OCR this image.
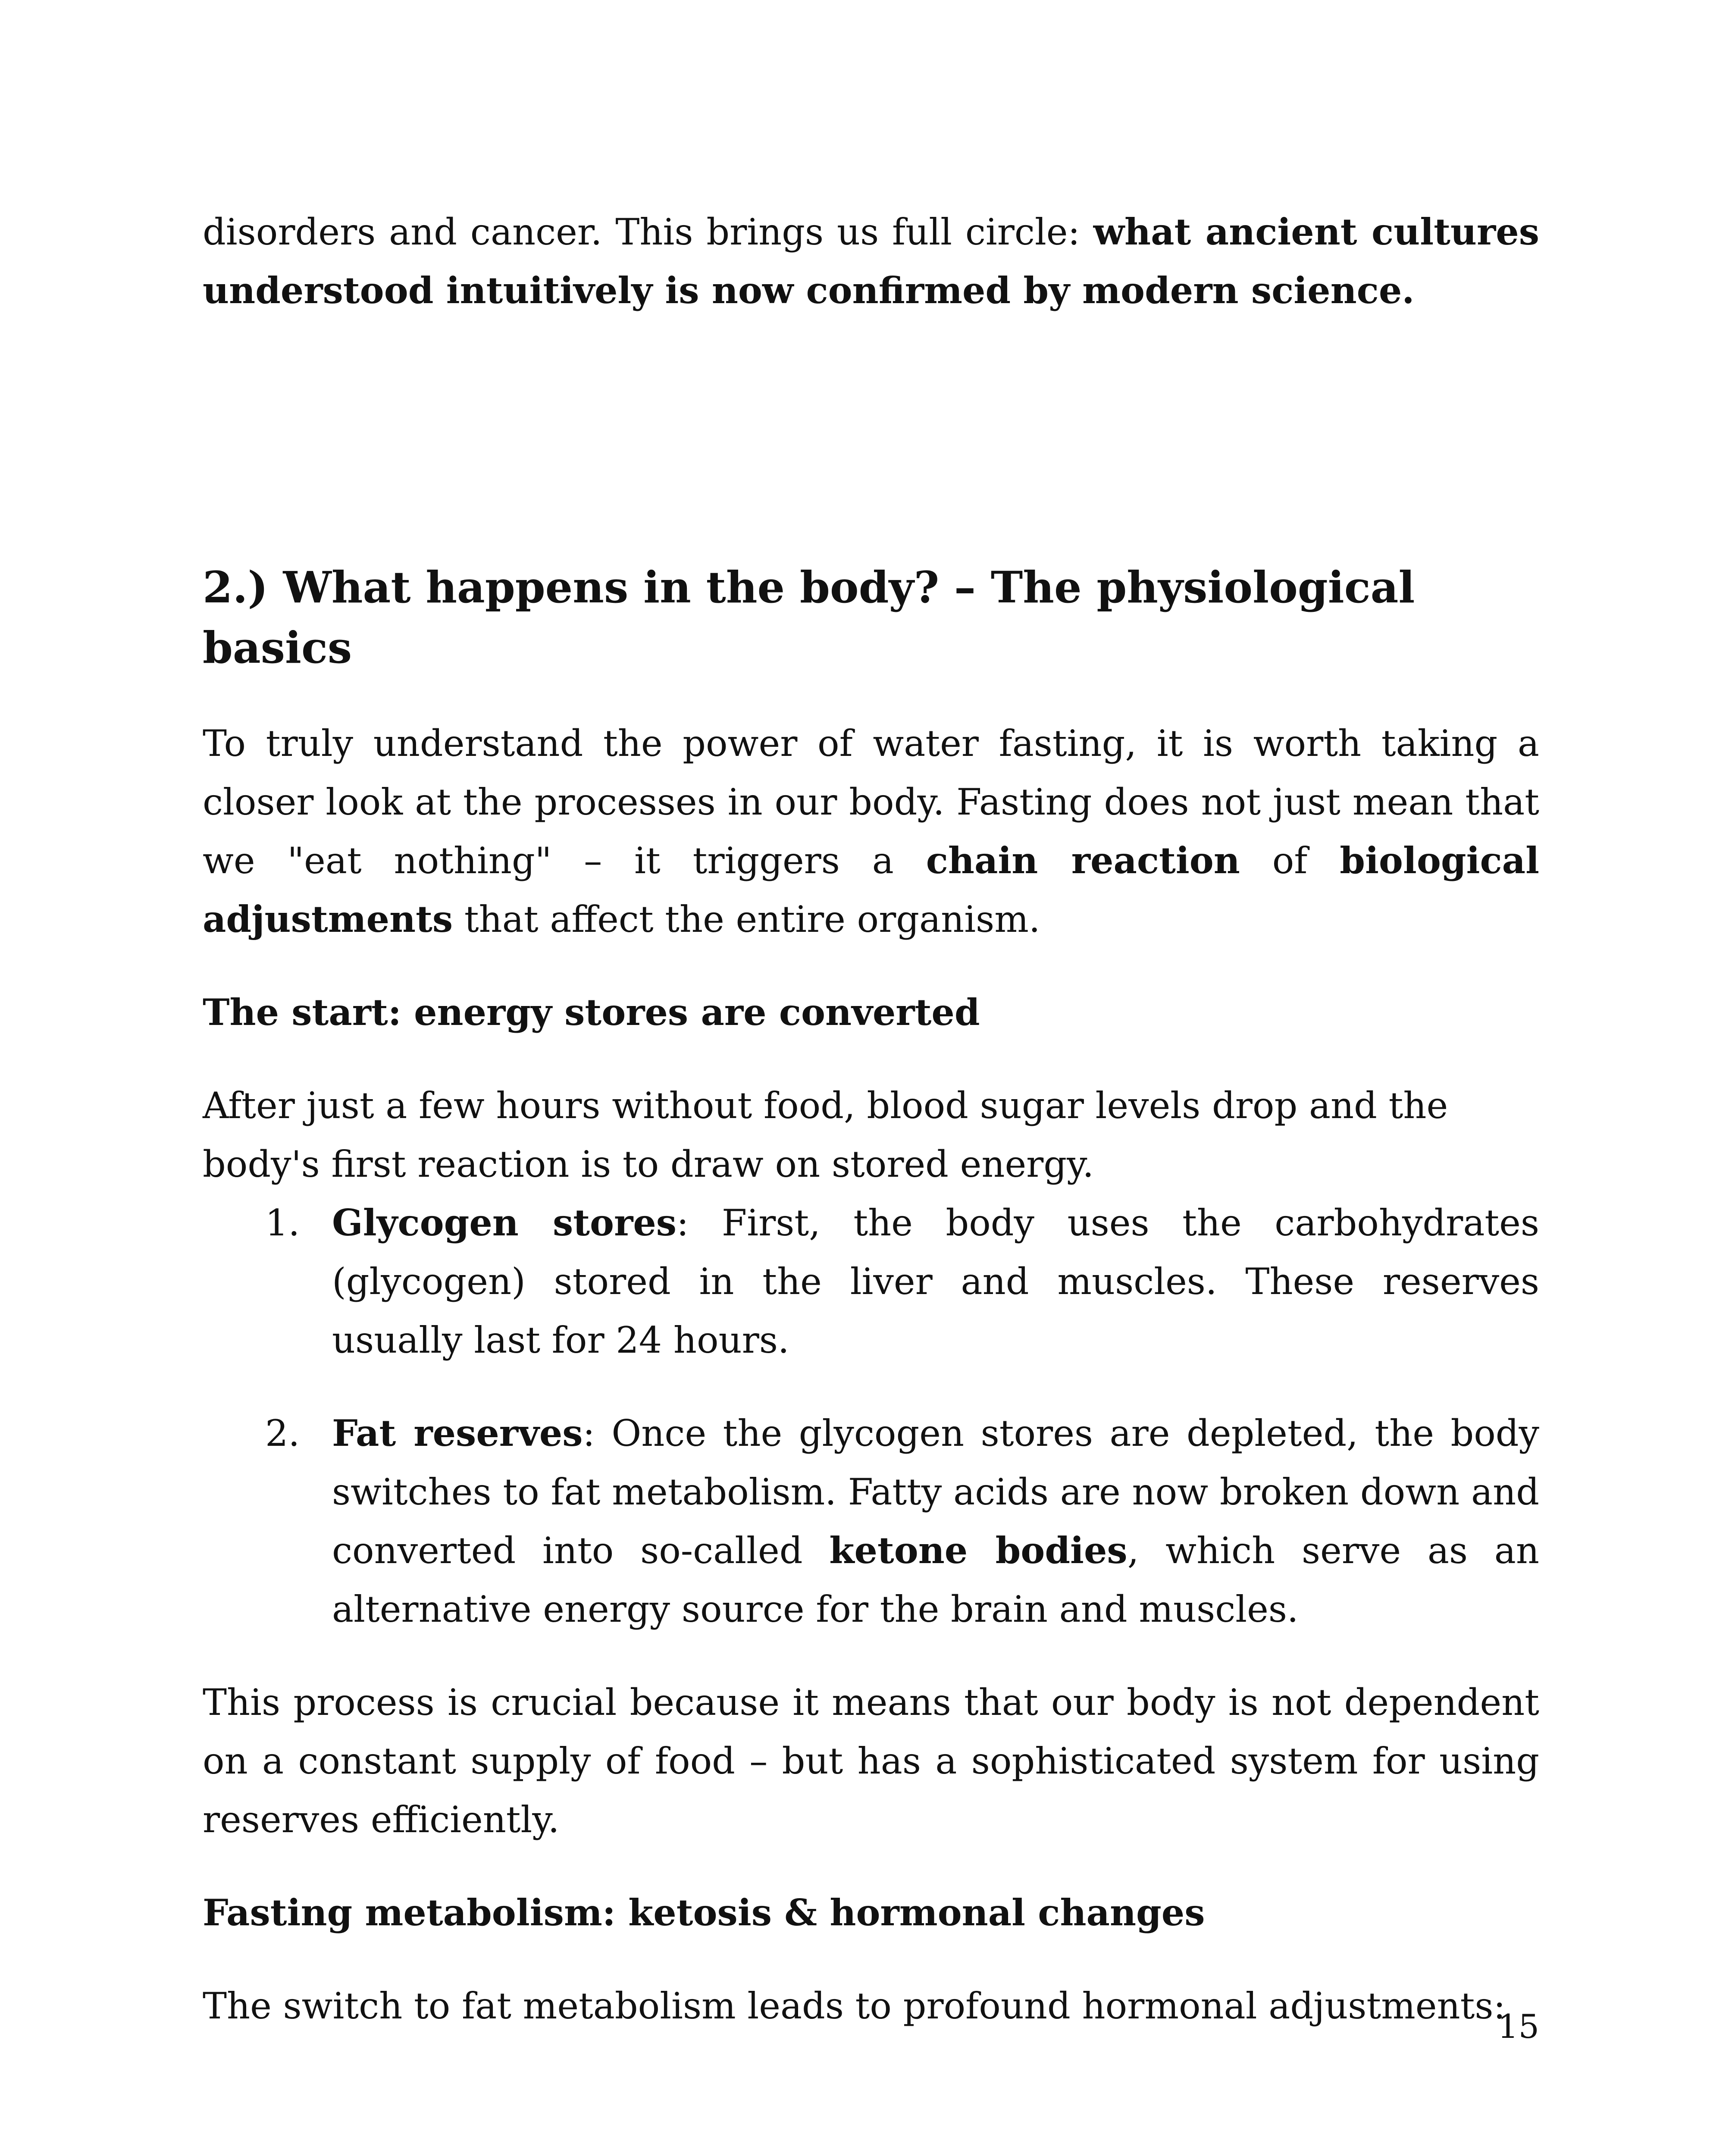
disorders and cancer. This brings us full circle: what ancient cultures understood intuitively is now confirmed by modern science.

2.) What happens in the body? – The physiological basics

To truly understand the power of water fasting, it is worth taking a closer look at the processes in our body. Fasting does not just mean that we "eat nothing" – it triggers a chain reaction of biological adjustments that affect the entire organism.

The start: energy stores are converted

After just a few hours without food, blood sugar levels drop and the body's first reaction is to draw on stored energy.

1. Glycogen stores: First, the body uses the carbohydrates (glycogen) stored in the liver and muscles. These reserves usually last for 24 hours.
2. Fat reserves: Once the glycogen stores are depleted, the body switches to fat metabolism. Fatty acids are now broken down and converted into so-called ketone bodies, which serve as an alternative energy source for the brain and muscles.

This process is crucial because it means that our body is not dependent on a constant supply of food – but has a sophisticated system for using reserves efficiently.

Fasting metabolism: ketosis & hormonal changes

The switch to fat metabolism leads to profound hormonal adjustments:

15
